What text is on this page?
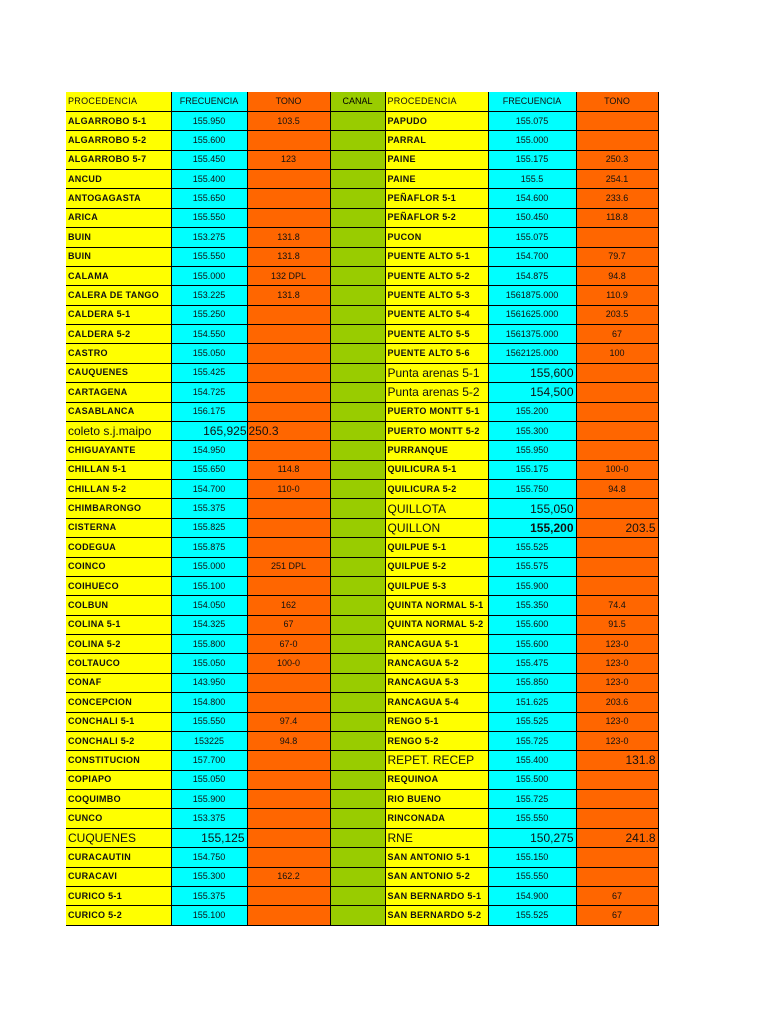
PROCEDENCIA	FRECUENCIA	TONO	CANAL	PROCEDENCIA	FRECUENCIA	TONO
ALGARROBO 5-1	155.950	103.5		PAPUDO	155.075	
ALGARROBO 5-2	155.600			PARRAL	155.000	
ALGARROBO 5-7	155.450	123		PAINE	155.175	250.3
ANCUD	155.400			PAINE	155.5	254.1
ANTOGAGASTA	155.650			PEÑAFLOR 5-1	154.600	233.6
ARICA	155.550			PEÑAFLOR 5-2	150.450	118.8
BUIN	153.275	131.8		PUCON	155.075	
BUIN	155.550	131.8		PUENTE ALTO 5-1	154.700	79.7
CALAMA	155.000	132 DPL		PUENTE ALTO 5-2	154.875	94.8
CALERA DE TANGO	153.225	131.8		PUENTE ALTO 5-3	1561875.000	110.9
CALDERA 5-1	155.250			PUENTE ALTO 5-4	1561625.000	203.5
CALDERA 5-2	154.550			PUENTE ALTO 5-5	1561375.000	67
CASTRO	155.050			PUENTE ALTO 5-6	1562125.000	100
CAUQUENES	155.425			Punta arenas 5-1	155,600	
CARTAGENA	154.725			Punta arenas 5-2	154,500	
CASABLANCA	156.175			PUERTO MONTT 5-1	155.200	
coleto s.j.maipo	165,925	250.3		PUERTO MONTT 5-2	155.300	
CHIGUAYANTE	154.950			PURRANQUE	155.950	
CHILLAN 5-1	155.650	114.8		QUILICURA 5-1	155.175	100-0
CHILLAN 5-2	154.700	110-0		QUILICURA 5-2	155.750	94.8
CHIMBARONGO	155.375			QUILLOTA	155,050	
CISTERNA	155.825			QUILLON	155,200	203.5
CODEGUA	155.875			QUILPUE 5-1	155.525	
COINCO	155.000	251 DPL		QUILPUE 5-2	155.575	
COIHUECO	155.100			QUILPUE 5-3	155.900	
COLBUN	154.050	162		QUINTA NORMAL 5-1	155.350	74.4
COLINA 5-1	154.325	67		QUINTA NORMAL 5-2	155.600	91.5
COLINA 5-2	155.800	67-0		RANCAGUA 5-1	155.600	123-0
COLTAUCO	155.050	100-0		RANCAGUA 5-2	155.475	123-0
CONAF	143.950			RANCAGUA 5-3	155.850	123-0
CONCEPCION	154.800			RANCAGUA 5-4	151.625	203.6
CONCHALI 5-1	155.550	97.4		RENGO 5-1	155.525	123-0
CONCHALI 5-2	153225	94.8		RENGO 5-2	155.725	123-0
CONSTITUCION	157.700			REPET. RECEP	155.400	131.8
COPIAPO	155.050			REQUINOA	155.500	
COQUIMBO	155.900			RIO BUENO	155.725	
CUNCO	153.375			RINCONADA	155.550	
CUQUENES	155,125			RNE	150,275	241.8
CURACAUTIN	154.750			SAN ANTONIO 5-1	155.150	
CURACAVI	155.300	162.2		SAN ANTONIO 5-2	155.550	
CURICO 5-1	155.375			SAN BERNARDO 5-1	154.900	67
CURICO 5-2	155.100			SAN BERNARDO 5-2	155.525	67
